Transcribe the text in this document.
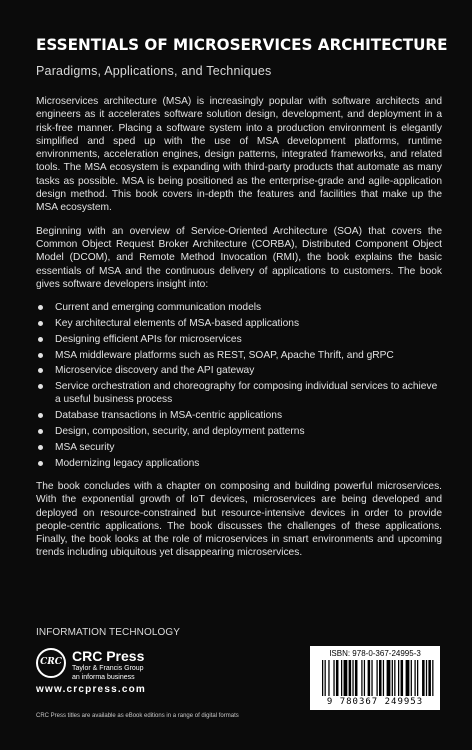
ESSENTIALS OF MICROSERVICES ARCHITECTURE
Paradigms, Applications, and Techniques

Microservices architecture (MSA) is increasingly popular with software architects and engineers as it accelerates software solution design, development, and deployment in a risk-free manner. Placing a software system into a production environment is elegantly simplified and sped up with the use of MSA development platforms, runtime environments, acceleration engines, design patterns, integrated frameworks, and related tools. The MSA ecosystem is expanding with third-party products that automate as many tasks as possible. MSA is being positioned as the enterprise-grade and agile-application design method. This book covers in-depth the features and facilities that make up the MSA ecosystem.

Beginning with an overview of Service-Oriented Architecture (SOA) that covers the Common Object Request Broker Architecture (CORBA), Distributed Component Object Model (DCOM), and Remote Method Invocation (RMI), the book explains the basic essentials of MSA and the continuous delivery of applications to customers. The book gives software developers insight into:

Current and emerging communication models
Key architectural elements of MSA-based applications
Designing efficient APIs for microservices
MSA middleware platforms such as REST, SOAP, Apache Thrift, and gRPC
Microservice discovery and the API gateway
Service orchestration and choreography for composing individual services to achieve a useful business process
Database transactions in MSA-centric applications
Design, composition, security, and deployment patterns
MSA security
Modernizing legacy applications

The book concludes with a chapter on composing and building powerful microservices. With the exponential growth of IoT devices, microservices are being developed and deployed on resource-constrained but resource-intensive devices in order to provide people-centric applications. The book discusses the challenges of these applications. Finally, the book looks at the role of microservices in smart environments and upcoming trends including ubiquitous yet disappearing microservices.

INFORMATION TECHNOLOGY
CRC CRC Press
Taylor & Francis Group
an informa business
www.crcpress.com
CRC Press titles are available as eBook editions in a range of digital formats
ISBN: 978-0-367-24995-3
9 780367 249953
